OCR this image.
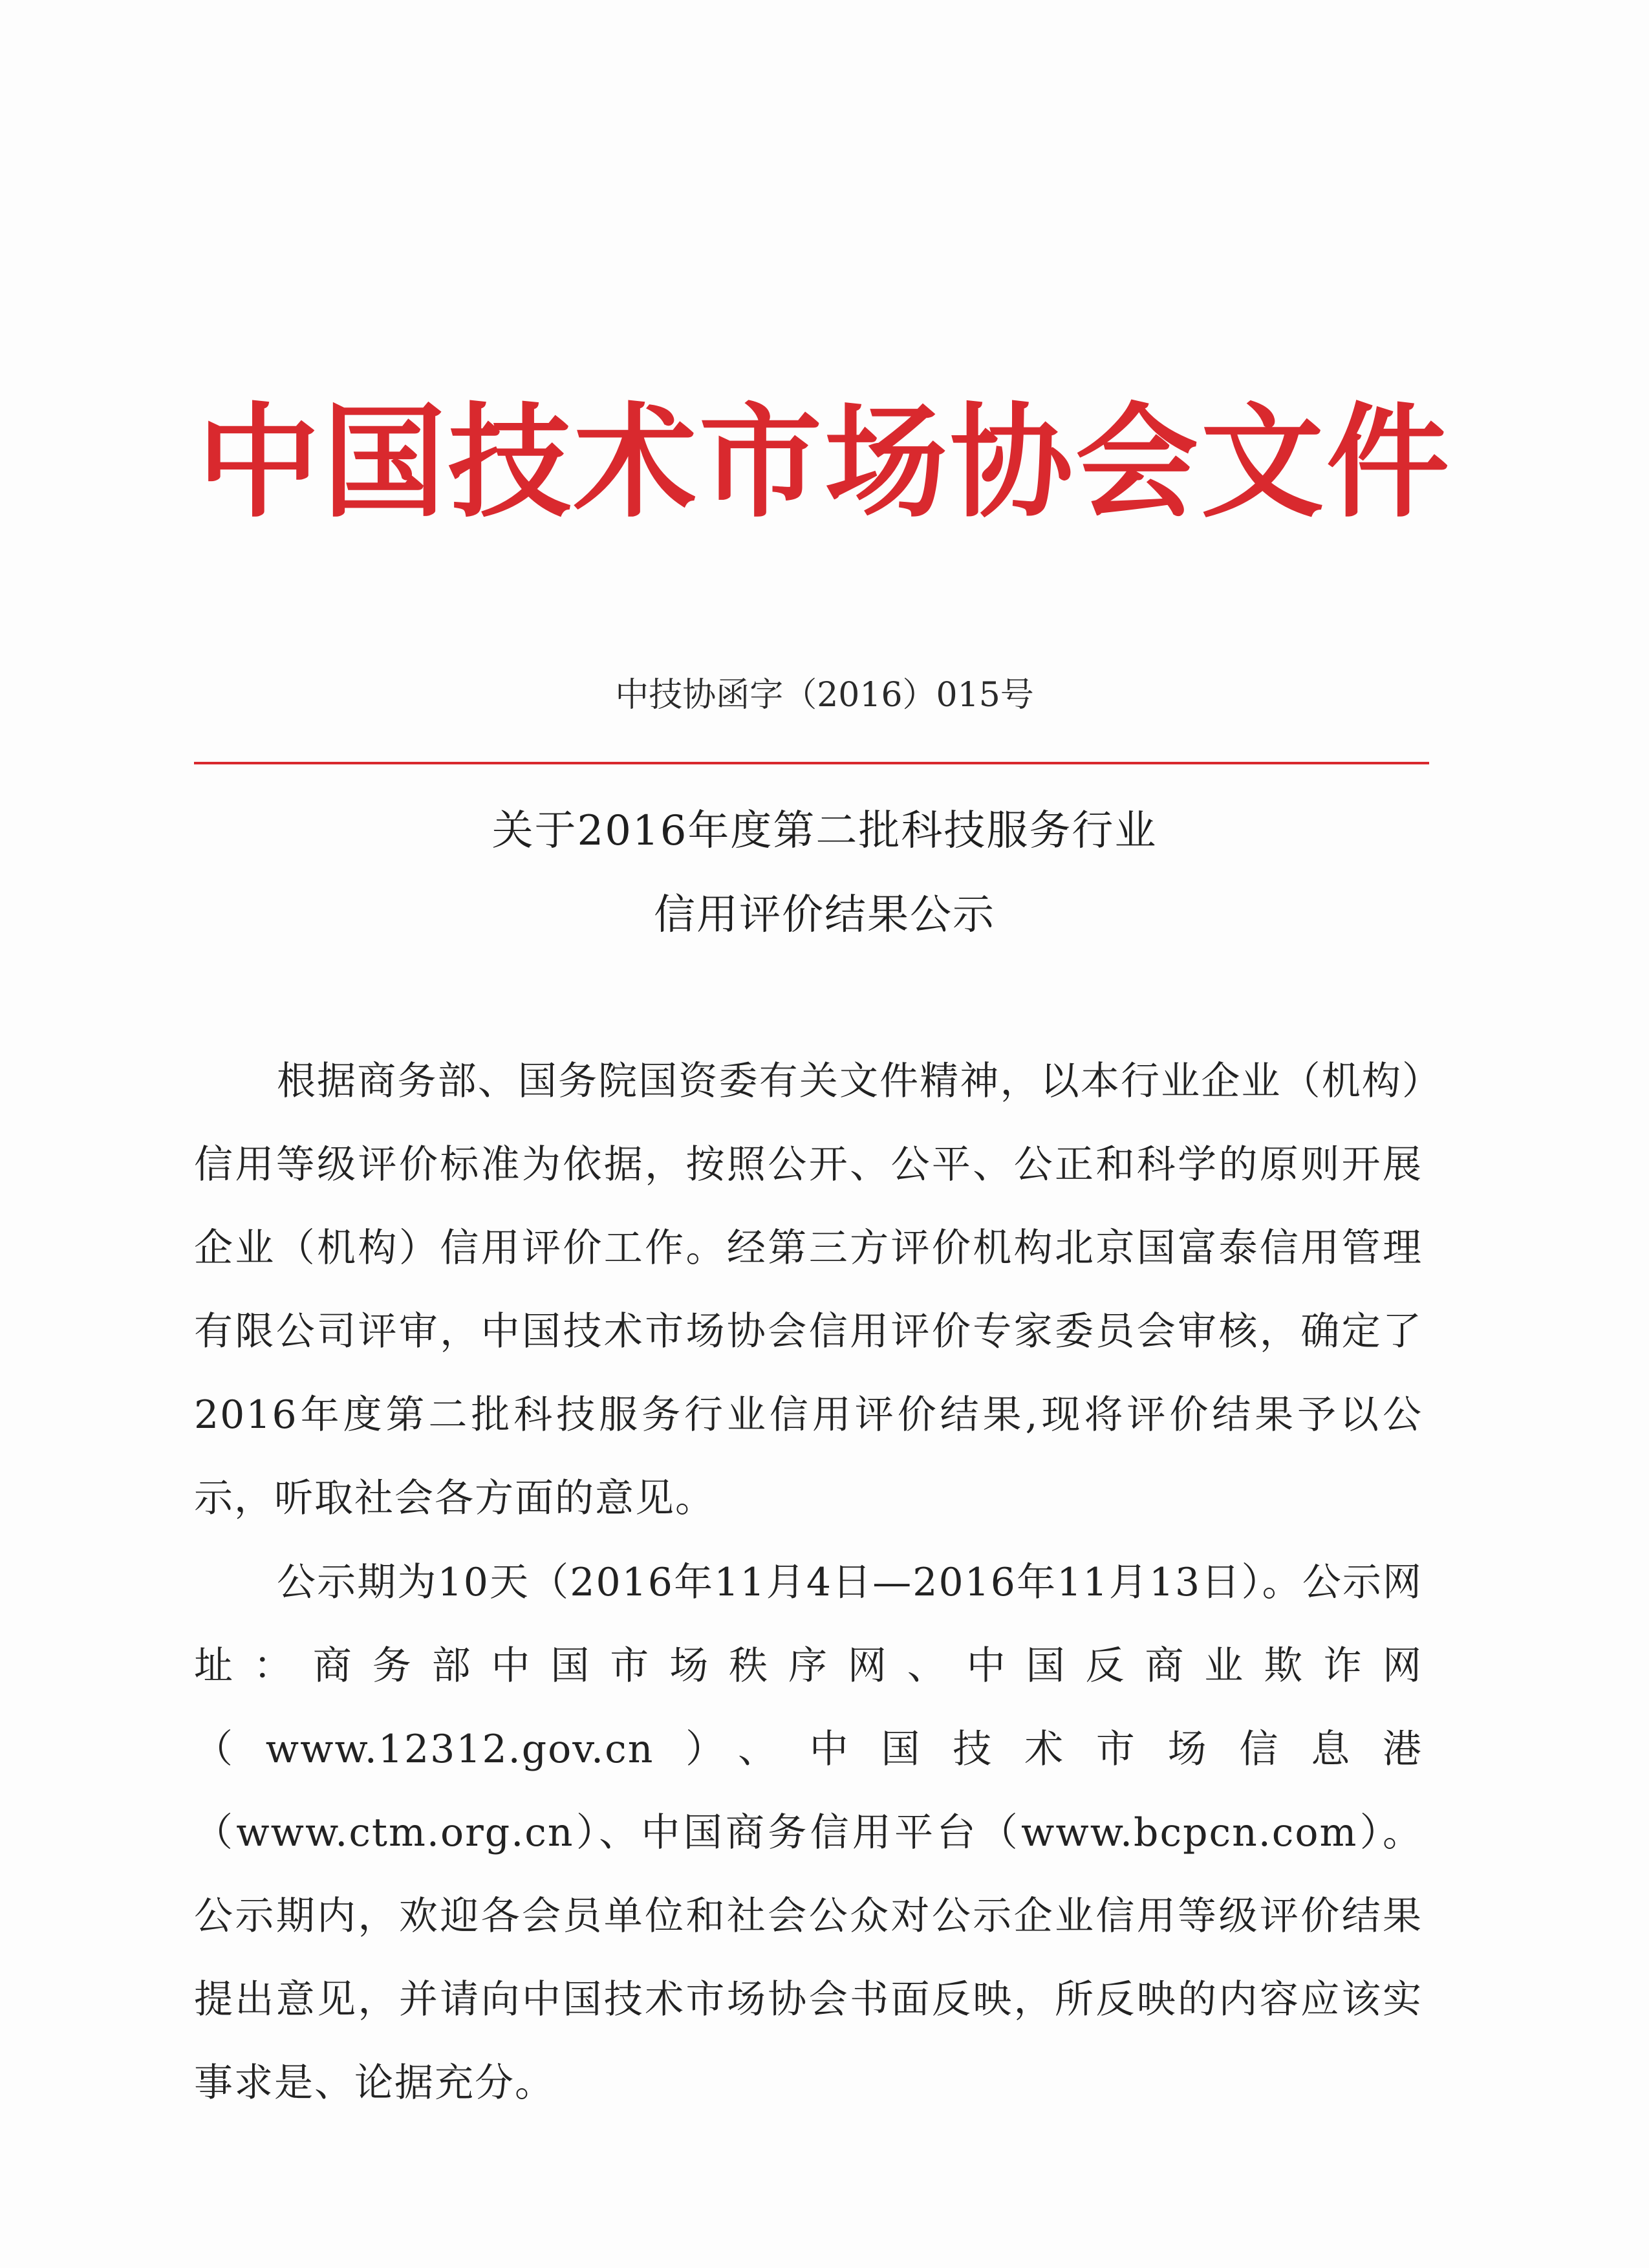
中国技术市场协会文件
中技协函字（2016）015号
关于2016年度第二批科技服务行业
信用评价结果公示
根据商务部、国务院国资委有关文件精神，以本行业企业（机构）信用等级评价标准为依据，按照公开、公平、公正和科学的原则开展企业（机构）信用评价工作。经第三方评价机构北京国富泰信用管理有限公司评审，中国技术市场协会信用评价专家委员会审核，确定了2016年度第二批科技服务行业信用评价结果,现将评价结果予以公示，听取社会各方面的意见。
公示期为10天（2016年11月4日—2016年11月13日）。公示网址：商务部中国市场秩序网、中国反商业欺诈网（www.12312.gov.cn）、中国技术市场信息港（www.ctm.org.cn）、中国商务信用平台（www.bcpcn.com）。公示期内，欢迎各会员单位和社会公众对公示企业信用等级评价结果提出意见，并请向中国技术市场协会书面反映，所反映的内容应该实事求是、论据充分。
